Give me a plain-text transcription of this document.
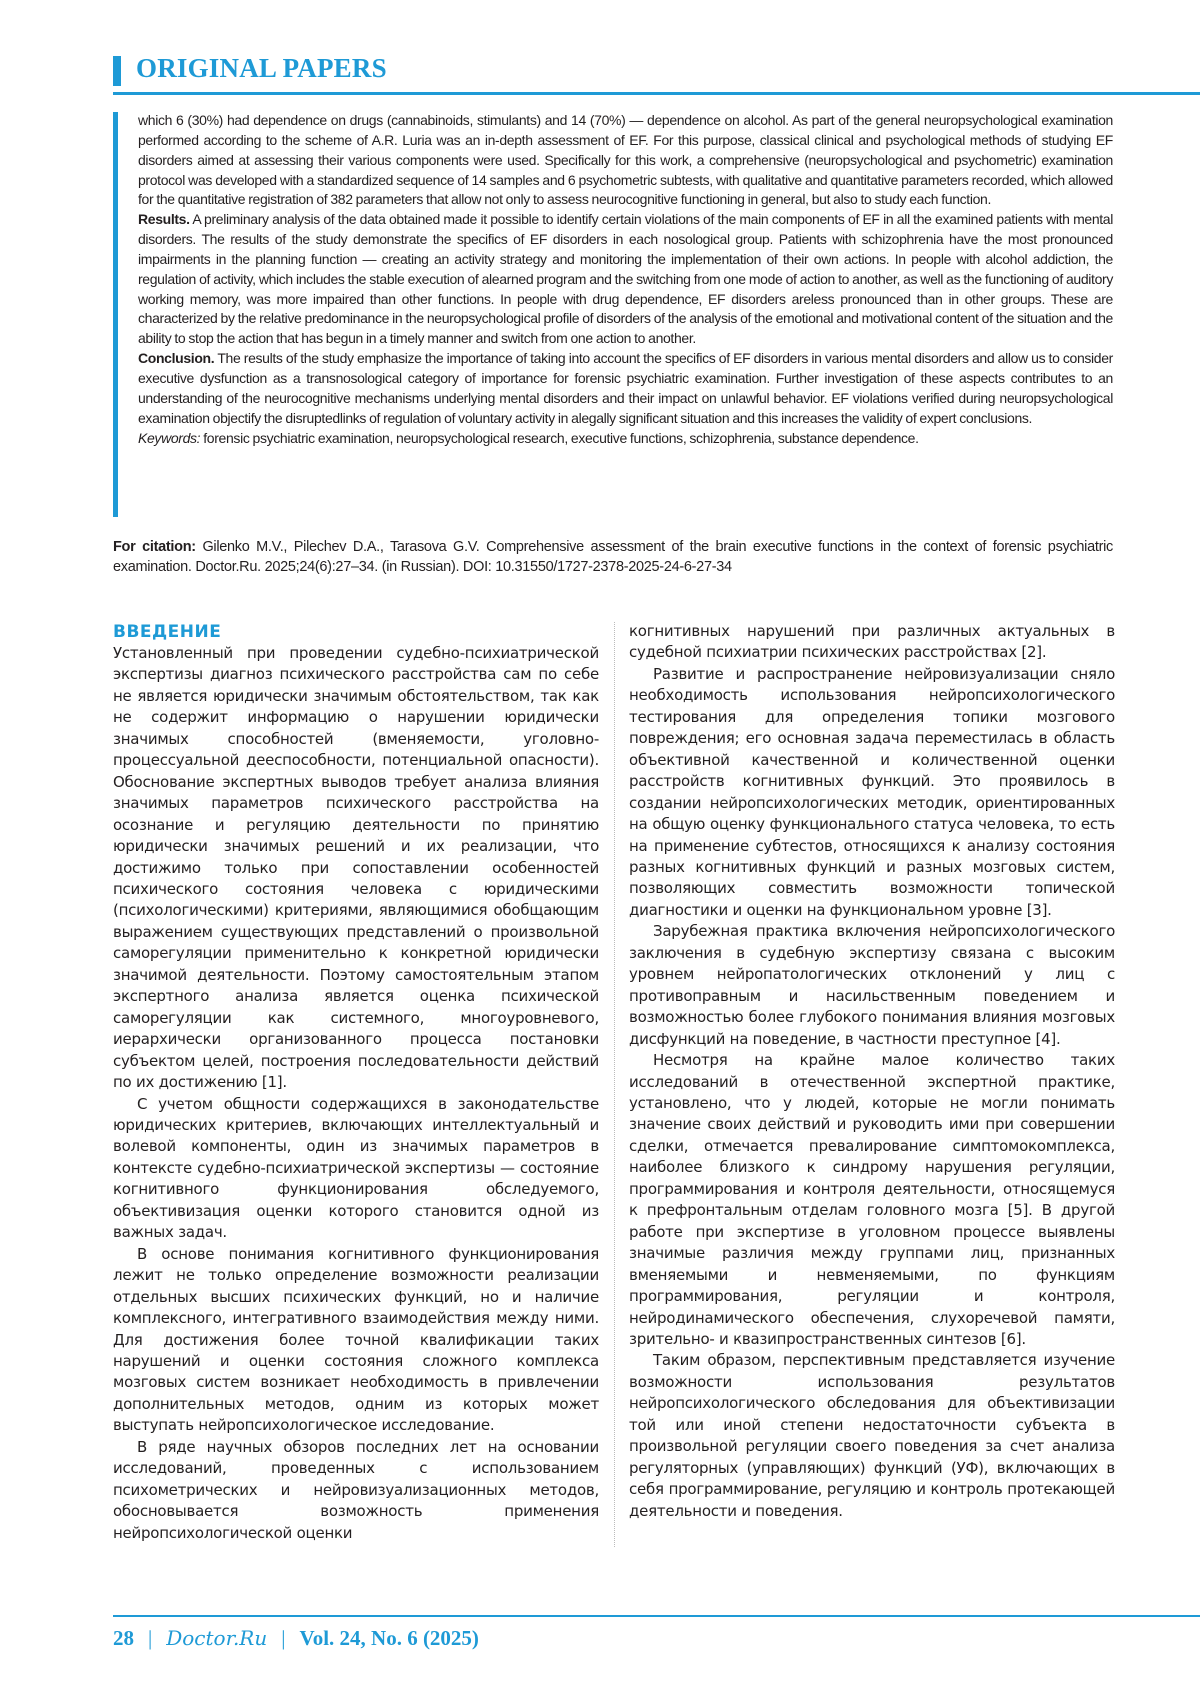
ORIGINAL PAPERS

which 6 (30%) had dependence on drugs (cannabinoids, stimulants) and 14 (70%) — dependence on alcohol. As part of the general neuropsychological examination performed according to the scheme of A.R. Luria was an in-depth assessment of EF. For this purpose, classical clinical and psychological methods of studying EF disorders aimed at assessing their various components were used. Specifically for this work, a comprehensive (neuropsychological and psychometric) examination protocol was developed with a standardized sequence of 14 samples and 6 psychometric subtests, with qualitative and quantitative parameters recorded, which allowed for the quantitative registration of 382 parameters that allow not only to assess neurocognitive functioning in general, but also to study each function.

Results. A preliminary analysis of the data obtained made it possible to identify certain violations of the main components of EF in all the examined patients with mental disorders. The results of the study demonstrate the specifics of EF disorders in each nosological group. Patients with schizophrenia have the most pronounced impairments in the planning function — creating an activity strategy and monitoring the implementation of their own actions. In people with alcohol addiction, the regulation of activity, which includes the stable execution of alearned program and the switching from one mode of action to another, as well as the functioning of auditory working memory, was more impaired than other functions. In people with drug dependence, EF disorders areless pronounced than in other groups. These are characterized by the relative predominance in the neuropsychological profile of disorders of the analysis of the emotional and motivational content of the situation and the ability to stop the action that has begun in a timely manner and switch from one action to another.

Conclusion. The results of the study emphasize the importance of taking into account the specifics of EF disorders in various mental disorders and allow us to consider executive dysfunction as a transnosological category of importance for forensic psychiatric examination. Further investigation of these aspects contributes to an understanding of the neurocognitive mechanisms underlying mental disorders and their impact on unlawful behavior. EF violations verified during neuropsychological examination objectify the disruptedlinks of regulation of voluntary activity in alegally significant situation and this increases the validity of expert conclusions.

Keywords: forensic psychiatric examination, neuropsychological research, executive functions, schizophrenia, substance dependence.

For citation: Gilenko M.V., Pilechev D.A., Tarasova G.V. Comprehensive assessment of the brain executive functions in the context of forensic psychiatric examination. Doctor.Ru. 2025;24(6):27–34. (in Russian). DOI: 10.31550/1727-2378-2025-24-6-27-34
ВВЕДЕНИЕ

Установленный при проведении судебно-психиатрической экспертизы диагноз психического расстройства сам по себе не является юридически значимым обстоятельством, так как не содержит информацию о нарушении юридически значимых способностей (вменяемости, уголовно-процессуальной дееспособности, потенциальной опасности). Обоснование экспертных выводов требует анализа влияния значимых параметров психического расстройства на осознание и регуляцию деятельности по принятию юридически значимых решений и их реализации, что достижимо только при сопоставлении особенностей психического состояния человека с юридическими (психологическими) критериями, являющимися обобщающим выражением существующих представлений о произвольной саморегуляции применительно к конкретной юридически значимой деятельности. Поэтому самостоятельным этапом экспертного анализа является оценка психической саморегуляции как системного, многоуровневого, иерархически организованного процесса постановки субъектом целей, построения последовательности действий по их достижению [1].

С учетом общности содержащихся в законодательстве юридических критериев, включающих интеллектуальный и волевой компоненты, один из значимых параметров в контексте судебно-психиатрической экспертизы — состояние когнитивного функционирования обследуемого, объективизация оценки которого становится одной из важных задач.

В основе понимания когнитивного функционирования лежит не только определение возможности реализации отдельных высших психических функций, но и наличие комплексного, интегративного взаимодействия между ними. Для достижения более точной квалификации таких нарушений и оценки состояния сложного комплекса мозговых систем возникает необходимость в привлечении дополнительных методов, одним из которых может выступать нейропсихологическое исследование.

В ряде научных обзоров последних лет на основании исследований, проведенных с использованием психометрических и нейровизуализационных методов, обосновывается возможность применения нейропсихологической оценки

когнитивных нарушений при различных актуальных в судебной психиатрии психических расстройствах [2].

Развитие и распространение нейровизуализации сняло необходимость использования нейропсихологического тестирования для определения топики мозгового повреждения; его основная задача переместилась в область объективной качественной и количественной оценки расстройств когнитивных функций. Это проявилось в создании нейропсихологических методик, ориентированных на общую оценку функционального статуса человека, то есть на применение субтестов, относящихся к анализу состояния разных когнитивных функций и разных мозговых систем, позволяющих совместить возможности топической диагностики и оценки на функциональном уровне [3].

Зарубежная практика включения нейропсихологического заключения в судебную экспертизу связана с высоким уровнем нейропатологических отклонений у лиц с противоправным и насильственным поведением и возможностью более глубокого понимания влияния мозговых дисфункций на поведение, в частности преступное [4].

Несмотря на крайне малое количество таких исследований в отечественной экспертной практике, установлено, что у людей, которые не могли понимать значение своих действий и руководить ими при совершении сделки, отмечается превалирование симптомокомплекса, наиболее близкого к синдрому нарушения регуляции, программирования и контроля деятельности, относящемуся к префронтальным отделам головного мозга [5]. В другой работе при экспертизе в уголовном процессе выявлены значимые различия между группами лиц, признанных вменяемыми и невменяемыми, по функциям программирования, регуляции и контроля, нейродинамического обеспечения, слухоречевой памяти, зрительно- и квазипространственных синтезов [6].

Таким образом, перспективным представляется изучение возможности использования результатов нейропсихологического обследования для объективизации той или иной степени недостаточности субъекта в произвольной регуляции своего поведения за счет анализа регуляторных (управляющих) функций (УФ), включающих в себя программирование, регуляцию и контроль протекающей деятельности и поведения.

28 | Doctor.Ru | Vol. 24, No. 6 (2025)
